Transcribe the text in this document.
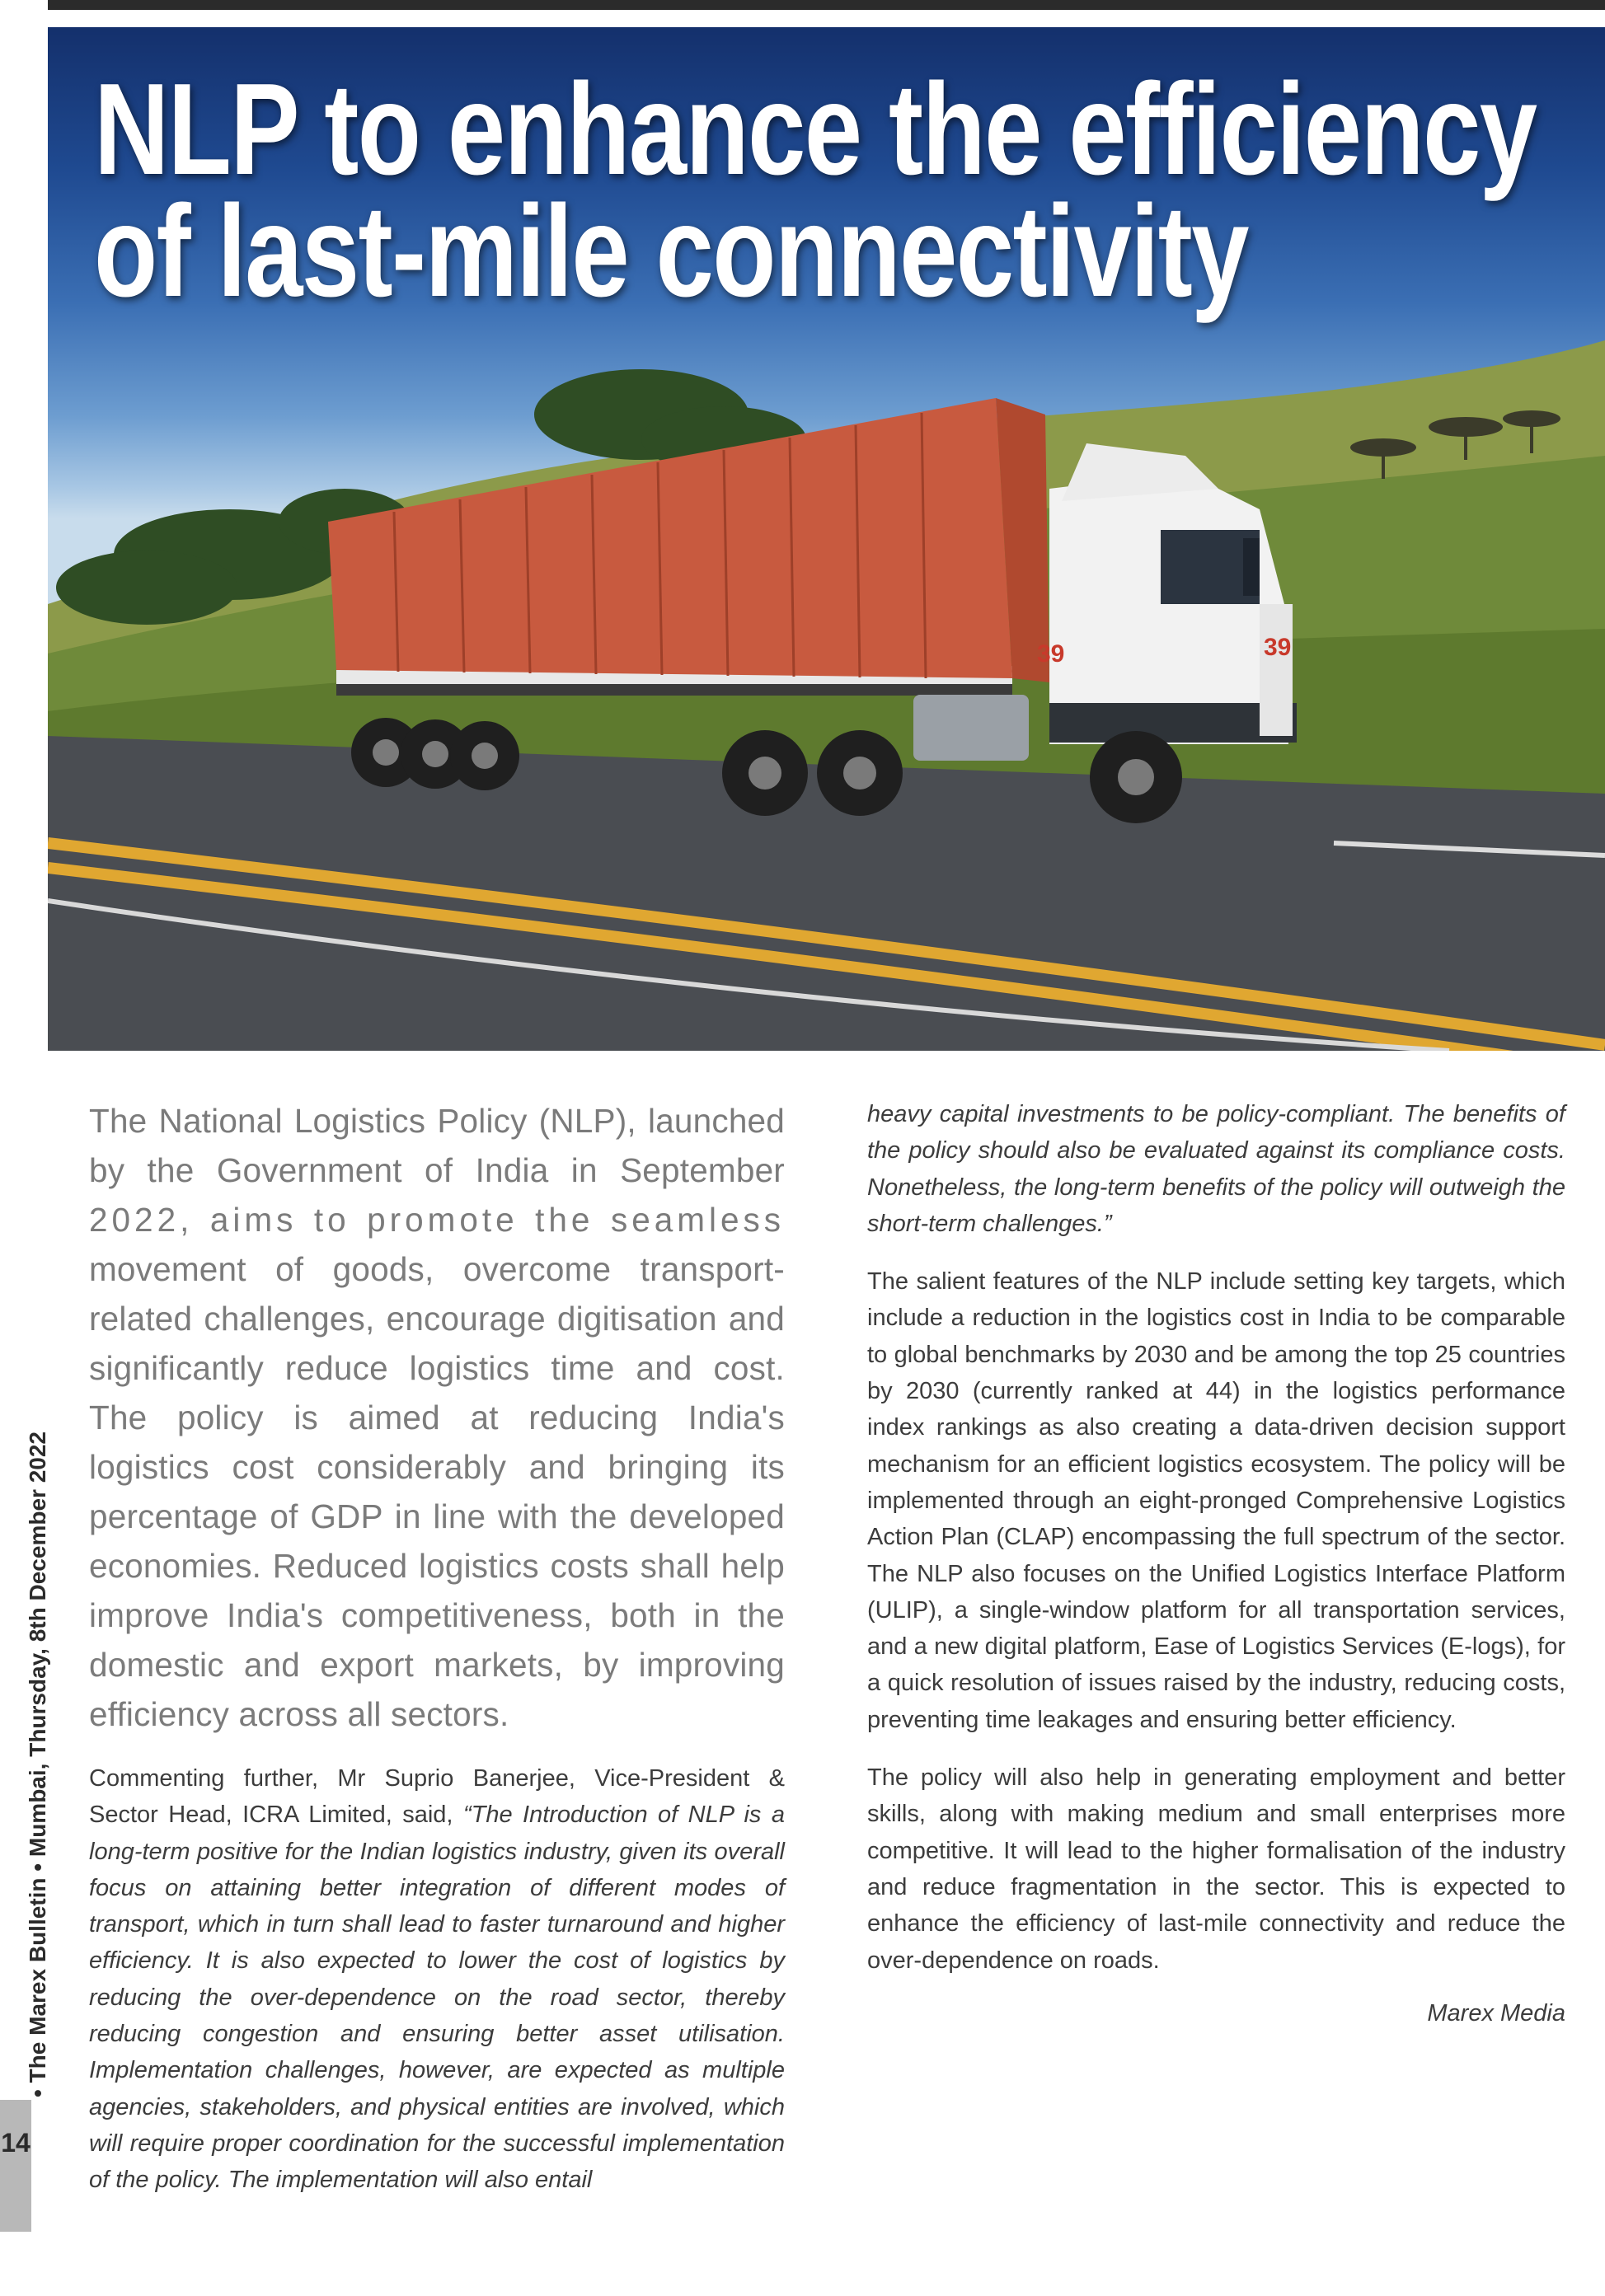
39	39
NLP to enhance the efficiency
of last-mile connectivity
14
• The Marex Bulletin • Mumbai, Thursday, 8th December 2022

The National Logistics Policy (NLP), launched by the Government of India in September 2022, aims to promote the seamless movement of goods, overcome transport-related challenges, encourage digitisation and significantly reduce logistics time and cost. The policy is aimed at reducing India's logistics cost considerably and bringing its percentage of GDP in line with the developed economies. Reduced logistics costs shall help improve India's competitiveness, both in the domestic and export markets, by improving efficiency across all sectors.

Commenting further, Mr Suprio Banerjee, Vice-President & Sector Head, ICRA Limited, said, “The Introduction of NLP is a long-term positive for the Indian logistics industry, given its overall focus on attaining better integration of different modes of transport, which in turn shall lead to faster turnaround and higher efficiency. It is also expected to lower the cost of logistics by reducing the over-dependence on the road sector, thereby reducing congestion and ensuring better asset utilisation. Implementation challenges, however, are expected as multiple agencies, stakeholders, and physical entities are involved, which will require proper coordination for the successful implementation of the policy. The implementation will also entail

heavy capital investments to be policy-compliant. The benefits of the policy should also be evaluated against its compliance costs. Nonetheless, the long-term benefits of the policy will outweigh the short-term challenges.”

The salient features of the NLP include setting key targets, which include a reduction in the logistics cost in India to be comparable to global benchmarks by 2030 and be among the top 25 countries by 2030 (currently ranked at 44) in the logistics performance index rankings as also creating a data-driven decision support mechanism for an efficient logistics ecosystem. The policy will be implemented through an eight-pronged Comprehensive Logistics Action Plan (CLAP) encompassing the full spectrum of the sector. The NLP also focuses on the Unified Logistics Interface Platform (ULIP), a single-window platform for all transportation services, and a new digital platform, Ease of Logistics Services (E-logs), for a quick resolution of issues raised by the industry, reducing costs, preventing time leakages and ensuring better efficiency.

The policy will also help in generating employment and better skills, along with making medium and small enterprises more competitive. It will lead to the higher formalisation of the industry and reduce fragmentation in the sector. This is expected to enhance the efficiency of last-mile connectivity and reduce the over-dependence on roads.

Marex Media
